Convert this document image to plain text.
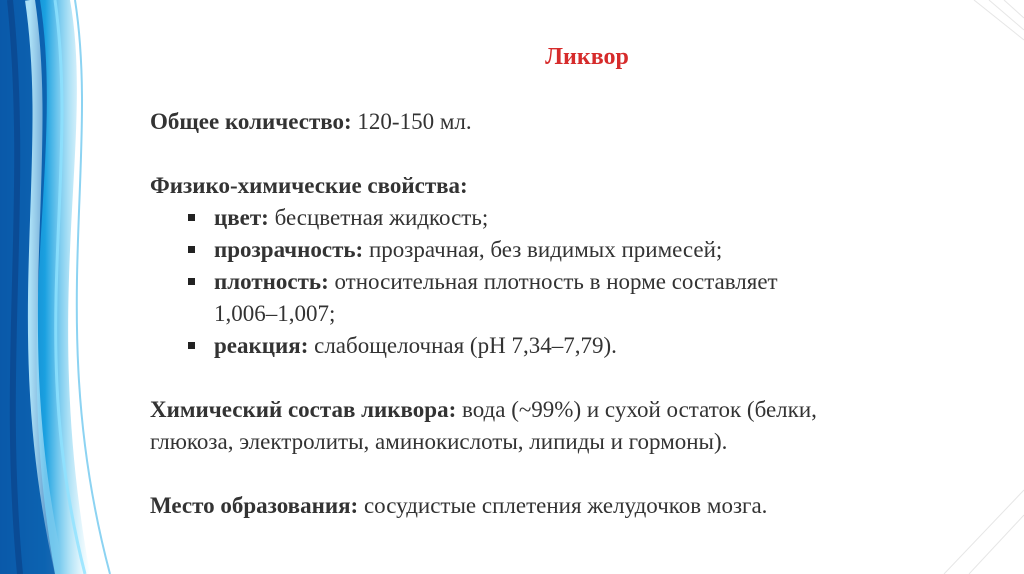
Ликвор

Общее количество: 120-150 мл.

Физико-химические свойства:

цвет: бесцветная жидкость;
прозрачность: прозрачная, без видимых примесей;
плотность: относительная плотность в норме составляет
1,006–1,007;
реакция: слабощелочная (рН 7,34–7,79).

Химический состав ликвора: вода (~99%) и сухой остаток (белки,
глюкоза, электролиты, аминокислоты, липиды и гормоны).

Место образования: сосудистые сплетения желудочков мозга.
